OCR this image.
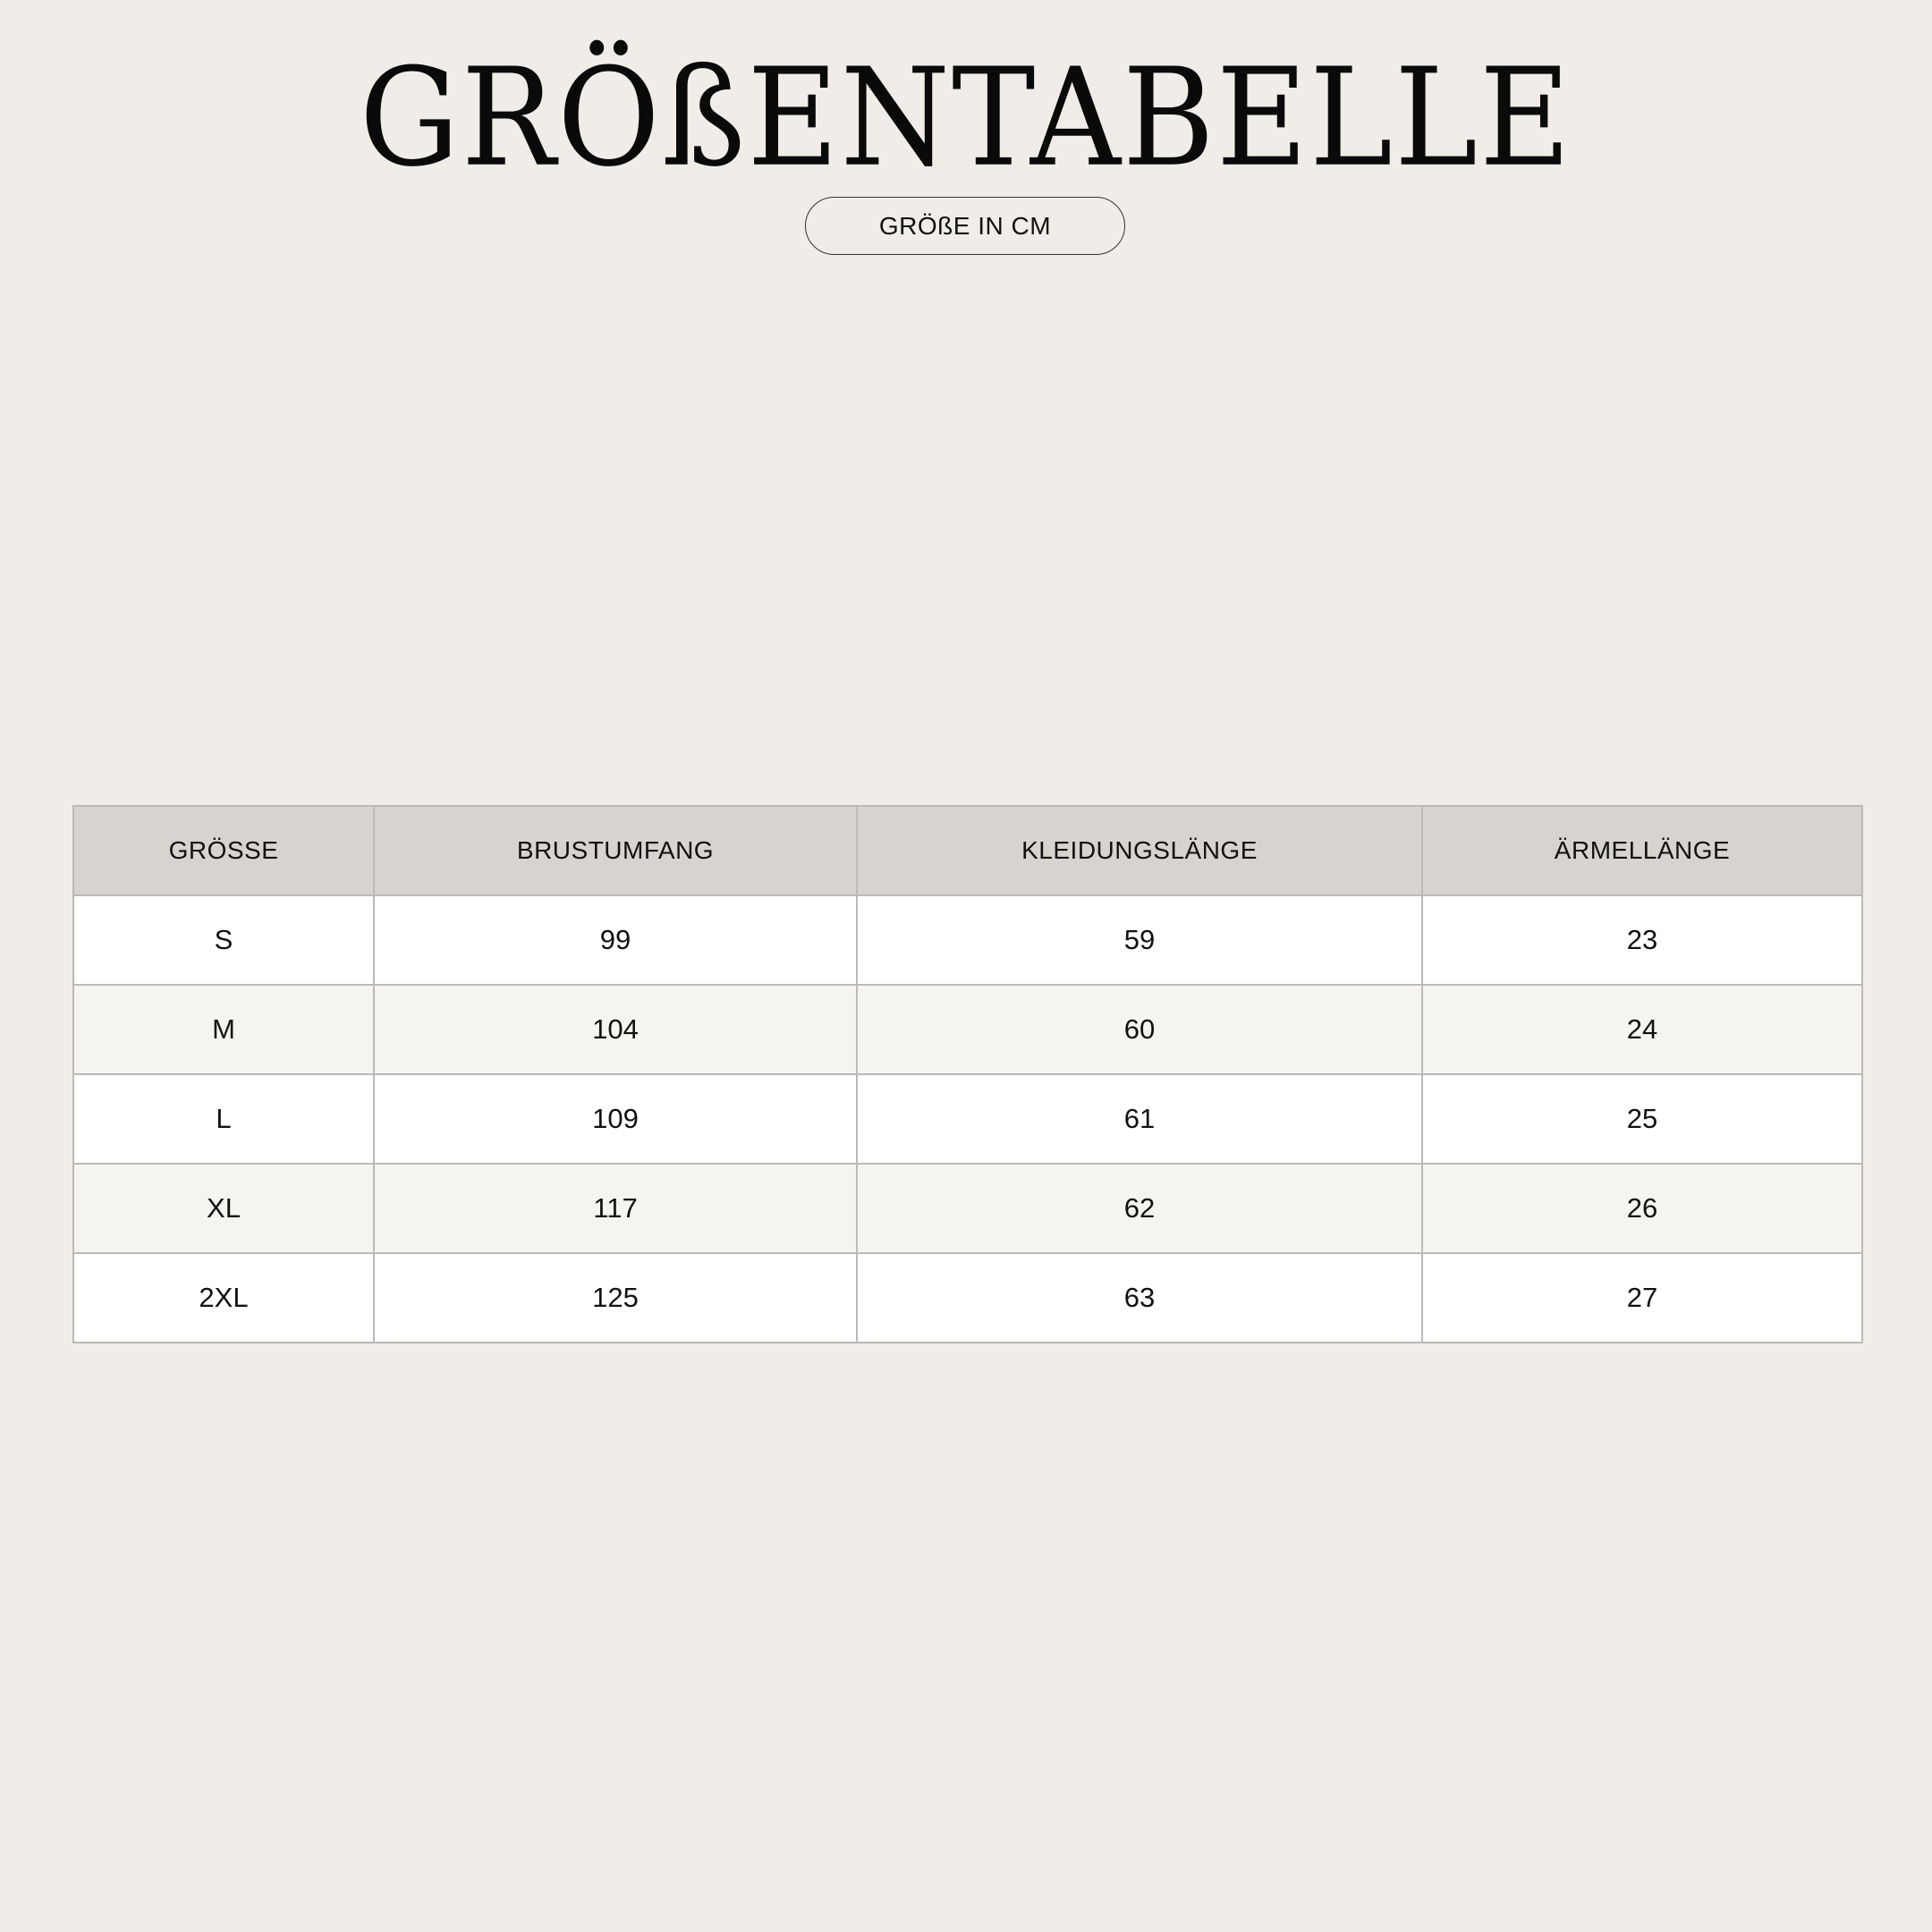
GRÖßENTABELLE
GRÖßE IN CM
GRÖSSE	BRUSTUMFANG	KLEIDUNGSLÄNGE	ÄRMELLÄNGE
S	99	59	23
M	104	60	24
L	109	61	25
XL	117	62	26
2XL	125	63	27
